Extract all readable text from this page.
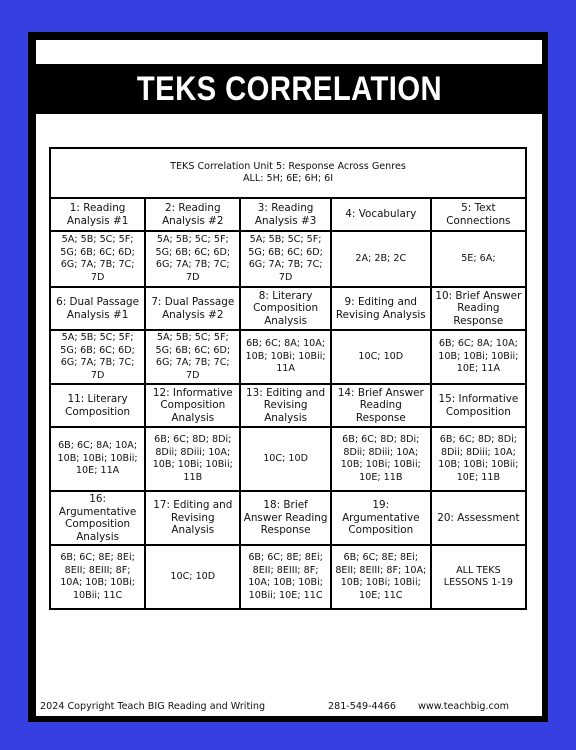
TEKS CORRELATION
TEKS Correlation Unit 5: Response Across Genres
ALL: 5H; 6E; 6H; 6I				

1: Reading Analysis #1	2: Reading Analysis #2	3: Reading Analysis #3	4: Vocabulary	5: Text Connections
5A; 5B; 5C; 5F; 5G; 6B; 6C; 6D; 6G; 7A; 7B; 7C; 7D	5A; 5B; 5C; 5F; 5G; 6B; 6C; 6D; 6G; 7A; 7B; 7C; 7D	5A; 5B; 5C; 5F; 5G; 6B; 6C; 6D; 6G; 7A; 7B; 7C; 7D	2A; 2B; 2C	5E; 6A;
6: Dual Passage Analysis #1	7: Dual Passage Analysis #2	8: Literary Composition Analysis	9: Editing and Revising Analysis	10: Brief Answer Reading Response
5A; 5B; 5C; 5F; 5G; 6B; 6C; 6D; 6G; 7A; 7B; 7C; 7D	5A; 5B; 5C; 5F; 5G; 6B; 6C; 6D; 6G; 7A; 7B; 7C; 7D	6B; 6C; 8A; 10A; 10B; 10Bi; 10Bii; 11A	10C; 10D	6B; 6C; 8A; 10A; 10B; 10Bi; 10Bii; 10E; 11A
11: Literary Composition	12: Informative Composition Analysis	13: Editing and Revising Analysis	14: Brief Answer Reading Response	15: Informative Composition
6B; 6C; 8A; 10A; 10B; 10Bi; 10Bii; 10E; 11A	6B; 6C; 8D; 8Di; 8Dii; 8Diii; 10A; 10B; 10Bi; 10Bii; 11B	10C; 10D	6B; 6C; 8D; 8Di; 8Dii; 8Diii; 10A; 10B; 10Bi; 10Bii; 10E; 11B	6B; 6C; 8D; 8Di; 8Dii; 8Diii; 10A; 10B; 10Bi; 10Bii; 10E; 11B
16: Argumentative Composition Analysis	17: Editing and Revising Analysis	18: Brief Answer Reading Response	19: Argumentative Composition	20: Assessment
6B; 6C; 8E; 8Ei; 8EII; 8EIII; 8F; 10A; 10B; 10Bi; 10Bii; 11C	10C; 10D	6B; 6C; 8E; 8Ei; 8EII; 8EIII; 8F; 10A; 10B; 10Bi; 10Bii; 10E; 11C	6B; 6C; 8E; 8Ei; 8EII; 8EIII; 8F; 10A; 10B; 10Bi; 10Bii; 10E; 11C	ALL TEKS LESSONS 1-19
2024 Copyright Teach BIG Reading and Writing	281-549-4466 www.teachbig.com
